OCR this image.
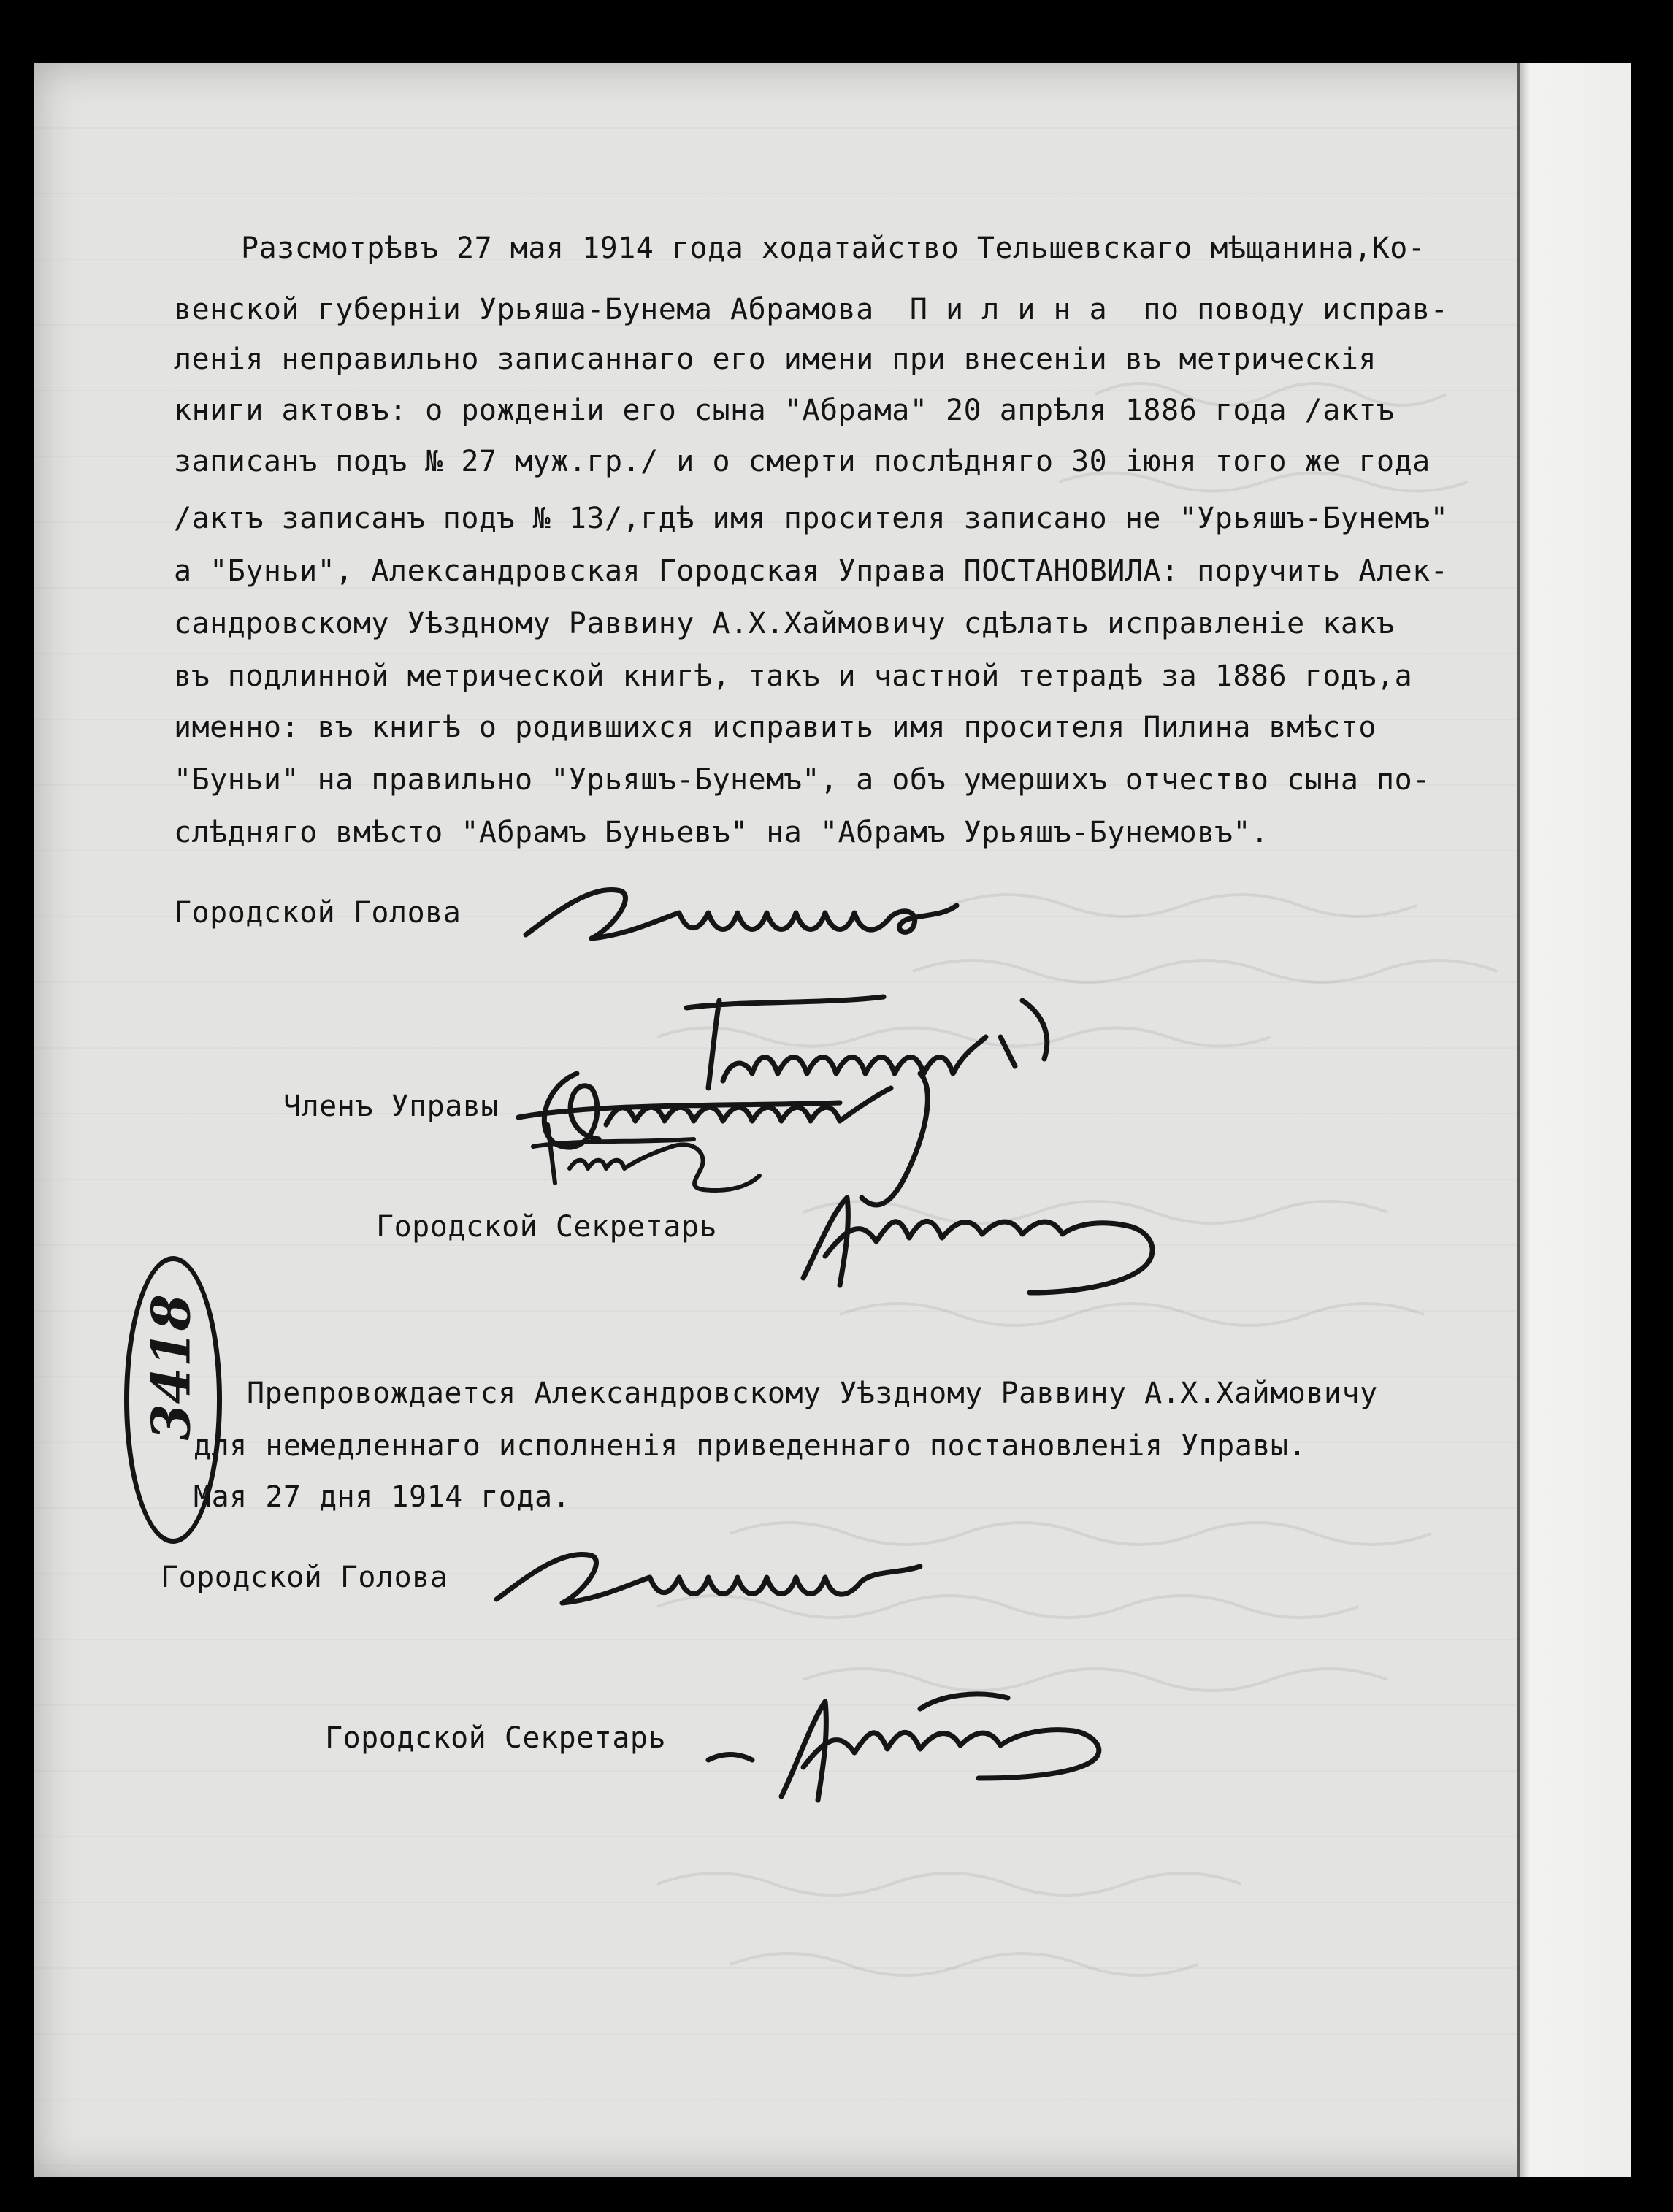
Разсмотрѣвъ 27 мая 1914 года ходатайство Тельшевскаго мѣщанина,Ко-
венской губерніи Урьяша-Бунема Абрамова  П и л и н а  по поводу исправ-
ленія неправильно записаннаго его имени при внесеніи въ метрическія
книги актовъ: о рожденіи его сына "Абрама" 20 апрѣля 1886 года /актъ
записанъ подъ № 27 муж.гр./ и о смерти послѣдняго 30 іюня того же года
/актъ записанъ подъ № 13/,гдѣ имя просителя записано не "Урьяшъ-Бунемъ"
а "Буньи", Александровская Городская Управа ПОСТАНОВИЛА: поручить Алек-
сандровскому Уѣздному Раввину А.Х.Хаймовичу сдѣлать исправленіе какъ
въ подлинной метрической книгѣ, такъ и частной тетрадѣ за 1886 годъ,а
именно: въ книгѣ о родившихся исправить имя просителя Пилина вмѣсто
"Буньи" на правильно "Урьяшъ-Бунемъ", а объ умершихъ отчество сына по-
слѣдняго вмѣсто "Абрамъ Буньевъ" на "Абрамъ Урьяшъ-Бунемовъ".
Городской Голова
Членъ Управы
Городской Секретарь
3418 Препровождается Александровскому Уѣздному Раввину А.Х.Хаймовичу
для немедленнаго исполненія приведеннаго постановленія Управы.
Мая 27 дня 1914 года.
Городской Голова
Городской Секретарь
